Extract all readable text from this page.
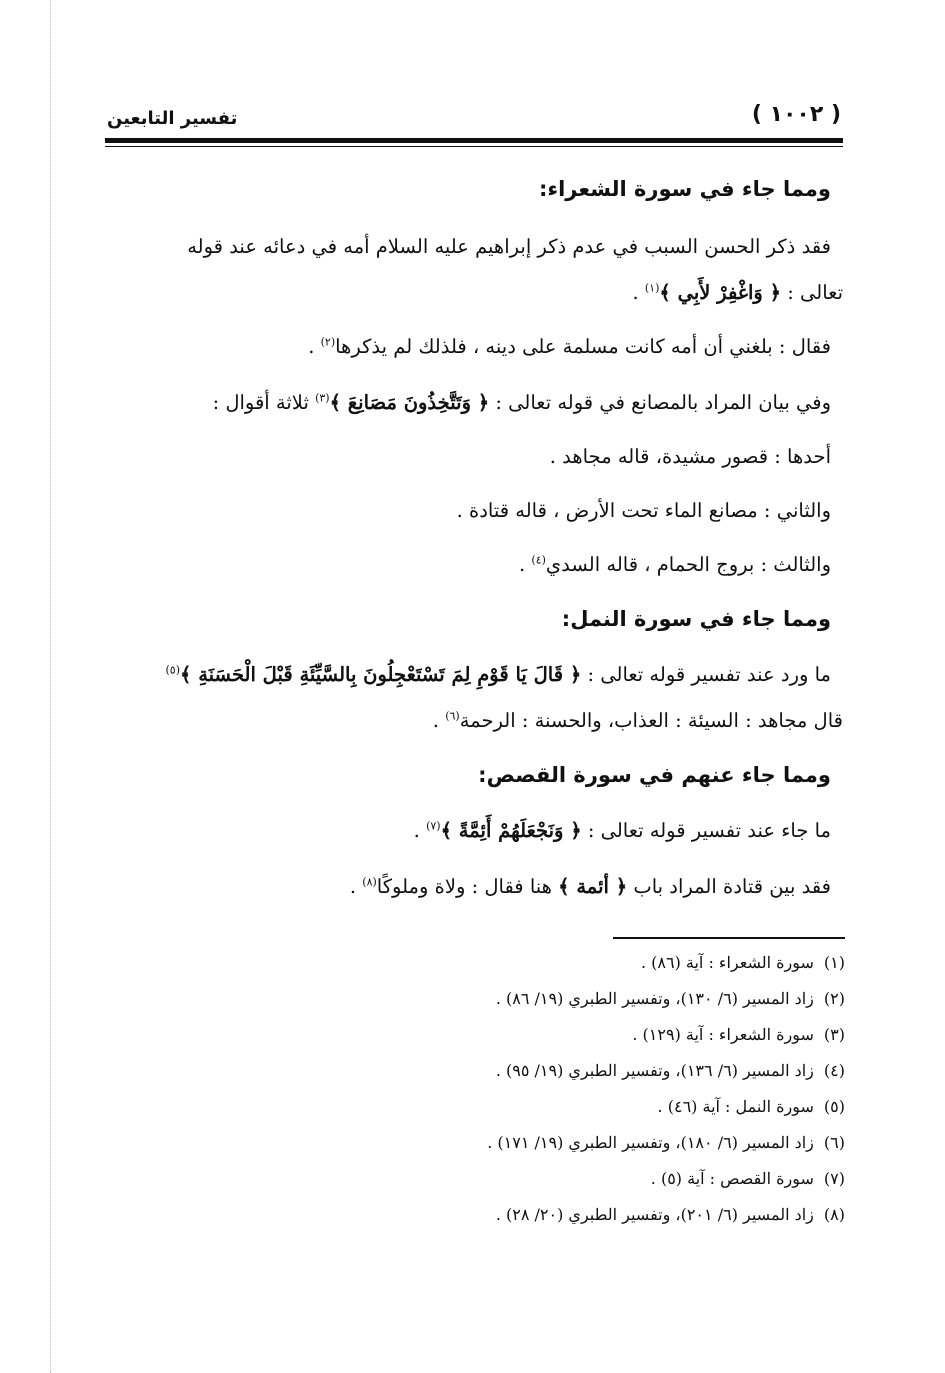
( ١٠٠٢ )
تفسير التابعين
ومما جاء في سورة الشعراء:
فقد ذكر الحسن السبب في عدم ذكر إبراهيم عليه السلام أمه في دعائه عند قوله
تعالى : ﴿ وَاغْفِرْ لأَبِي ﴾$^{(١)}$ .
فقال : بلغني أن أمه كانت مسلمة على دينه ، فلذلك لم يذكرها$^{(٢)}$ .
وفي بيان المراد بالمصانع في قوله تعالى : ﴿ وَتَتَّخِذُونَ مَصَانِعَ ﴾$^{(٣)}$ ثلاثة أقوال :
أحدها : قصور مشيدة، قاله مجاهد .
والثاني : مصانع الماء تحت الأرض ، قاله قتادة .
والثالث : بروج الحمام ، قاله السدي$^{(٤)}$ .
ومما جاء في سورة النمل:
ما ورد عند تفسير قوله تعالى : ﴿ قَالَ يَا قَوْمِ لِمَ تَسْتَعْجِلُونَ بِالسَّيِّئَةِ قَبْلَ الْحَسَنَةِ ﴾$^{(٥)}$
قال مجاهد : السيئة : العذاب، والحسنة : الرحمة$^{(٦)}$ .
ومما جاء عنهم في سورة القصص:
ما جاء عند تفسير قوله تعالى : ﴿ وَنَجْعَلَهُمْ أَئِمَّةً ﴾$^{(٧)}$ .
فقد بين قتادة المراد باب ﴿ أئمة ﴾ هنا فقال : ولاة وملوكًا$^{(٨)}$ .
(١)سورة الشعراء : آية (٨٦) .
(٢)زاد المسير (٦/ ١٣٠)، وتفسير الطبري (١٩/ ٨٦) .
(٣)سورة الشعراء : آية (١٢٩) .
(٤)زاد المسير (٦/ ١٣٦)، وتفسير الطبري (١٩/ ٩٥) .
(٥)سورة النمل : آية (٤٦) .
(٦)زاد المسير (٦/ ١٨٠)، وتفسير الطبري (١٩/ ١٧١) .
(٧)سورة القصص : آية (٥) .
(٨)زاد المسير (٦/ ٢٠١)، وتفسير الطبري (٢٠/ ٢٨) .
